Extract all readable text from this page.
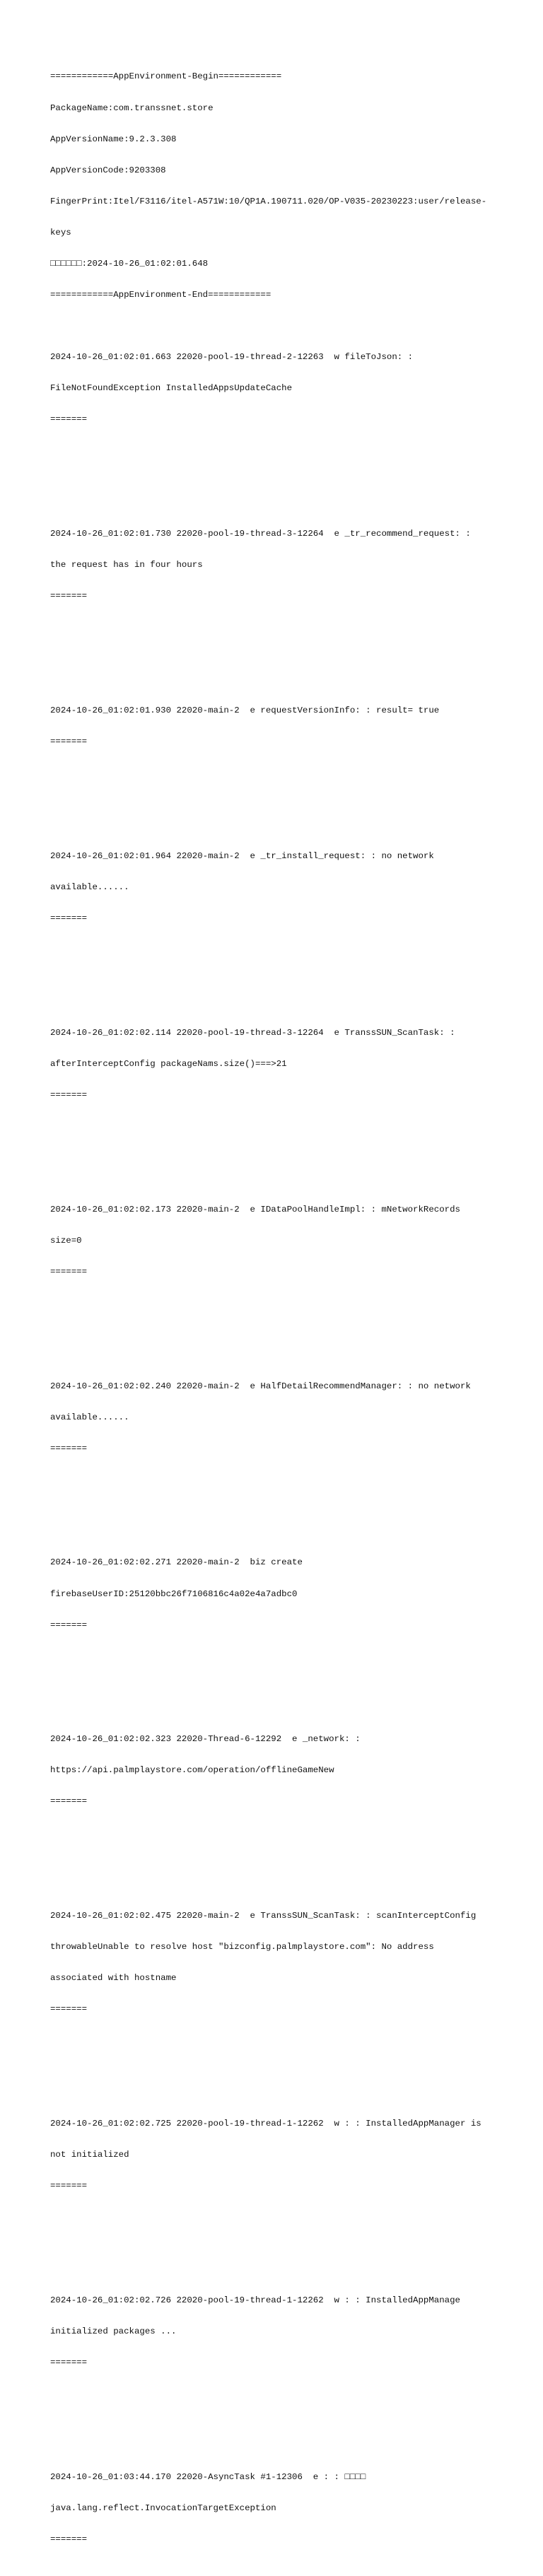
============AppEnvironment-Begin============

PackageName:com.transsnet.store

AppVersionName:9.2.3.308

AppVersionCode:9203308

FingerPrint:Itel/F3116/itel-A571W:10/QP1A.190711.020/OP-V035-20230223:user/release-

keys

□□□□□□:2024-10-26_01:02:01.648

============AppEnvironment-End============

2024-10-26_01:02:01.663 22020-pool-19-thread-2-12263  w fileToJson: :

FileNotFoundException InstalledAppsUpdateCache

=======

2024-10-26_01:02:01.730 22020-pool-19-thread-3-12264  e _tr_recommend_request: :

the request has in four hours

=======

2024-10-26_01:02:01.930 22020-main-2  e requestVersionInfo: : result= true

=======

2024-10-26_01:02:01.964 22020-main-2  e _tr_install_request: : no network

available......

=======

2024-10-26_01:02:02.114 22020-pool-19-thread-3-12264  e TranssSUN_ScanTask: :

afterInterceptConfig packageNams.size()===>21

=======

2024-10-26_01:02:02.173 22020-main-2  e IDataPoolHandleImpl: : mNetworkRecords

size=0

=======

2024-10-26_01:02:02.240 22020-main-2  e HalfDetailRecommendManager: : no network

available......

=======

2024-10-26_01:02:02.271 22020-main-2  biz create

firebaseUserID:25120bbc26f7106816c4a02e4a7adbc0

=======

2024-10-26_01:02:02.323 22020-Thread-6-12292  e _network: :

https://api.palmplaystore.com/operation/offlineGameNew

=======

2024-10-26_01:02:02.475 22020-main-2  e TranssSUN_ScanTask: : scanInterceptConfig

throwableUnable to resolve host "bizconfig.palmplaystore.com": No address

associated with hostname

=======

2024-10-26_01:02:02.725 22020-pool-19-thread-1-12262  w : : InstalledAppManager is

not initialized

=======

2024-10-26_01:02:02.726 22020-pool-19-thread-1-12262  w : : InstalledAppManage

initialized packages ...

=======

2024-10-26_01:03:44.170 22020-AsyncTask #1-12306  e : : □□□□

java.lang.reflect.InvocationTargetException

=======
